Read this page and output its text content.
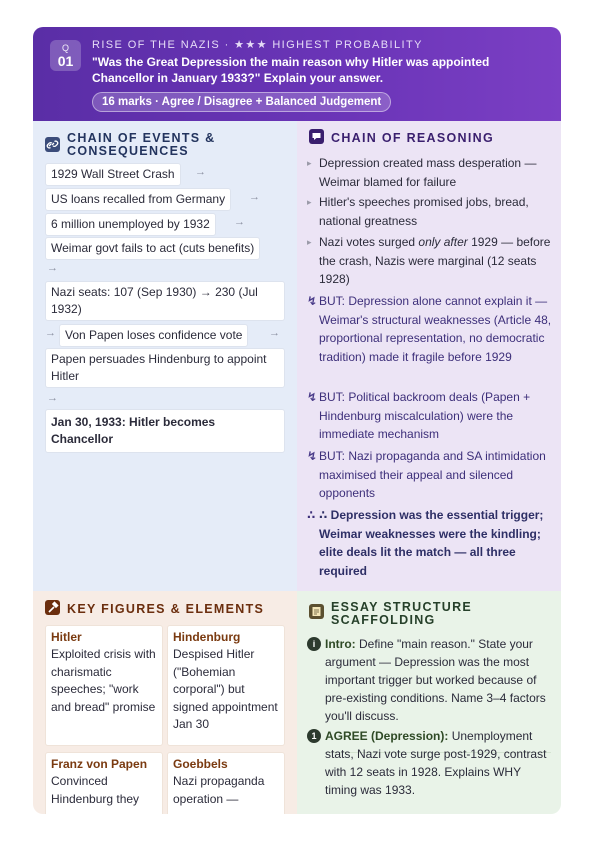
Q
01
RISE OF THE NAZIS · ★★★ HIGHEST PROBABILITY
"Was the Great Depression the main reason why Hitler was appointed Chancellor in January 1933?" Explain your answer.
16 marks · Agree / Disagree + Balanced Judgement
CHAIN OF EVENTS &
CONSEQUENCES
1929 Wall Street Crash	→
US loans recalled from Germany	→
6 million unemployed by 1932	→
Weimar govt fails to act (cuts benefits)
→
Nazi seats: 107 (Sep 1930) → 230 (Jul 1932)
→ Von Papen loses confidence vote	→
Papen persuades Hindenburg to appoint Hitler
→
Jan 30, 1933: Hitler becomes Chancellor
CHAIN OF REASONING
▸ Depression created mass desperation — Weimar blamed for failure
▸ Hitler's speeches promised jobs, bread, national greatness
▸ Nazi votes surged only after 1929 — before the crash, Nazis were marginal (12 seats 1928)
↯ BUT: Depression alone cannot explain it — Weimar's structural weaknesses (Article 48, proportional representation, no democratic tradition) made it fragile before 1929
↯ BUT: Political backroom deals (Papen + Hindenburg miscalculation) were the immediate mechanism
↯ BUT: Nazi propaganda and SA intimidation maximised their appeal and silenced opponents
∴ ∴ Depression was the essential trigger; Weimar weaknesses were the kindling; elite deals lit the match — all three required
KEY FIGURES & ELEMENTS
Hitler
Exploited crisis with charismatic speeches; "work and bread" promise
Hindenburg
Despised Hitler ("Bohemian corporal") but signed appointment Jan 30
Franz von Papen
Convinced Hindenburg they
Goebbels
Nazi propaganda operation —
ESSAY STRUCTURE
SCAFFOLDING
i Intro: Define "main reason." State your argument — Depression was the most important trigger but worked because of pre-existing conditions. Name 3–4 factors you'll discuss.
1 AGREE (Depression): Unemployment stats, Nazi vote surge post-1929, contrast with 12 seats in 1928. Explains WHY timing was 1933.
